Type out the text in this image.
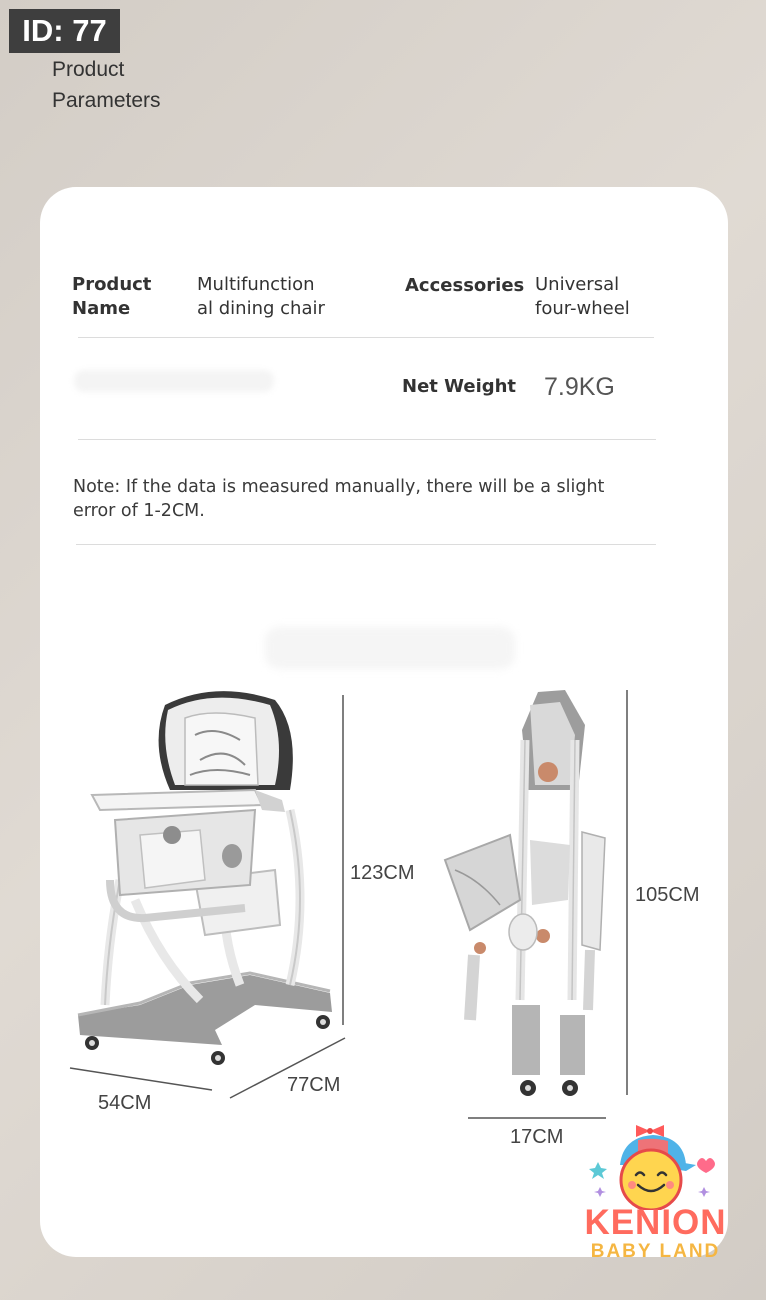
ID: 77
Product
Parameters
Product
Name
Multifunction
al dining chair
Accessories Universal
four-wheel
Net Weight 7.9KG
Note: If the data is measured manually, there will be a slight
error of 1-2CM.
123CM
54CM
77CM
105CM
17CM
KENION
BABY LAND
